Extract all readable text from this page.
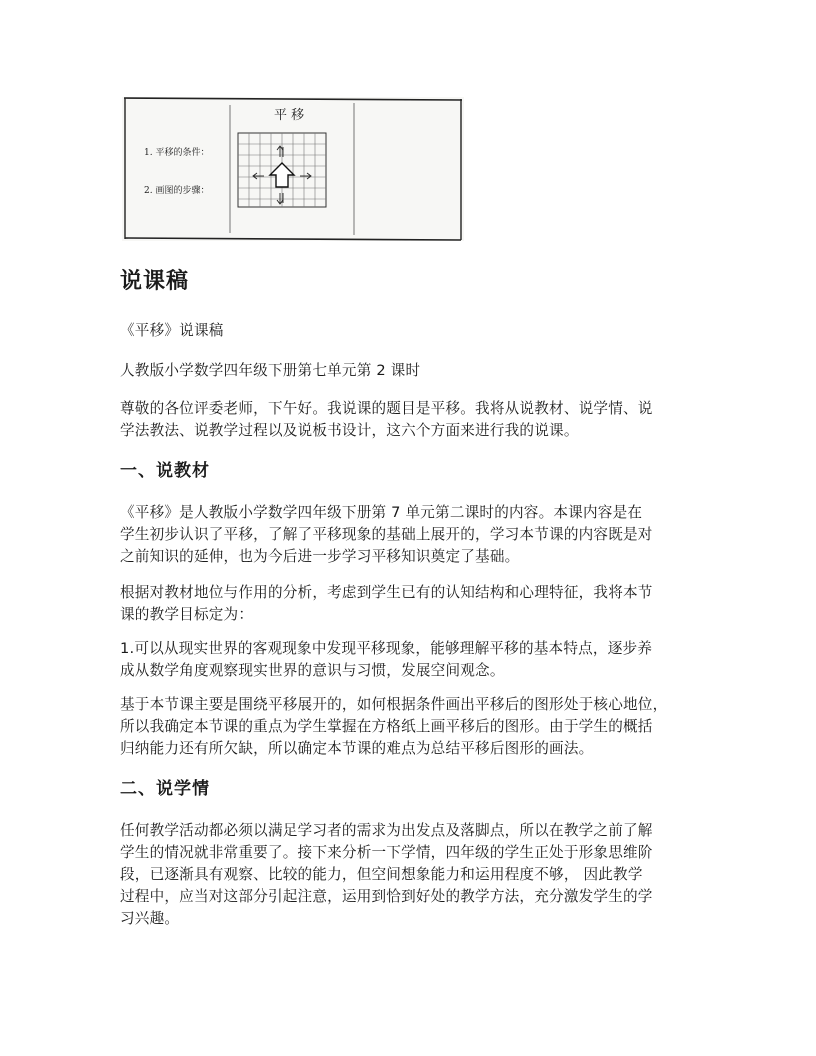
平 移
1. 平移的条件：
2. 画图的步骤：
说课稿

《平移》说课稿

人教版小学数学四年级下册第七单元第 2 课时

尊敬的各位评委老师，下午好。我说课的题目是平移。我将从说教材、说学情、说
学法教法、说教学过程以及说板书设计，这六个方面来进行我的说课。

一、说教材

《平移》是人教版小学数学四年级下册第 7 单元第二课时的内容。本课内容是在
学生初步认识了平移，了解了平移现象的基础上展开的，学习本节课的内容既是对
之前知识的延伸，也为今后进一步学习平移知识奠定了基础。

根据对教材地位与作用的分析，考虑到学生已有的认知结构和心理特征，我将本节
课的教学目标定为：

1.可以从现实世界的客观现象中发现平移现象，能够理解平移的基本特点，逐步养
成从数学角度观察现实世界的意识与习惯，发展空间观念。

基于本节课主要是围绕平移展开的，如何根据条件画出平移后的图形处于核心地位，
所以我确定本节课的重点为学生掌握在方格纸上画平移后的图形。由于学生的概括
归纳能力还有所欠缺，所以确定本节课的难点为总结平移后图形的画法。

二、说学情

任何教学活动都必须以满足学习者的需求为出发点及落脚点，所以在教学之前了解
学生的情况就非常重要了。接下来分析一下学情，四年级的学生正处于形象思维阶
段，已逐渐具有观察、比较的能力，但空间想象能力和运用程度不够， 因此教学
过程中，应当对这部分引起注意，运用到恰到好处的教学方法，充分激发学生的学
习兴趣。
